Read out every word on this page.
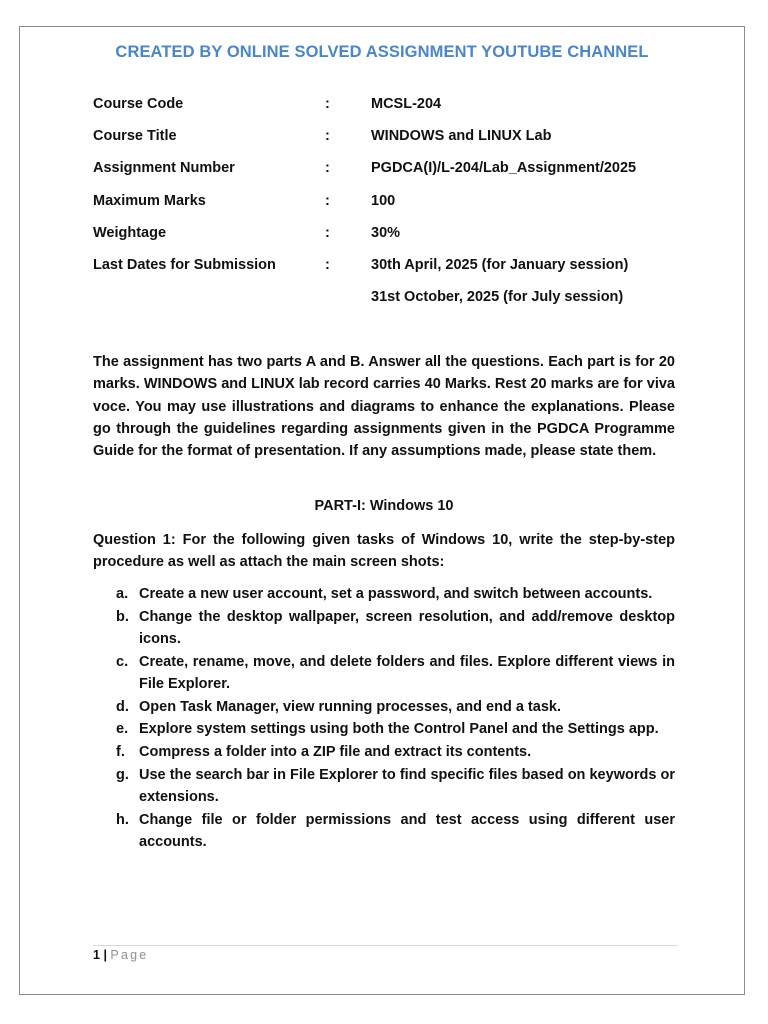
CREATED BY ONLINE SOLVED ASSIGNMENT YOUTUBE CHANNEL
Course Code	:	MCSL-204
Course Title	:	WINDOWS and LINUX Lab
Assignment Number	:	PGDCA(I)/L-204/Lab_Assignment/2025
Maximum Marks	:	100
Weightage	:	30%
Last Dates for Submission	:	30th April, 2025 (for January session)
31st October, 2025 (for July session)
The assignment has two parts A and B. Answer all the questions. Each part is for 20 marks. WINDOWS and LINUX lab record carries 40 Marks. Rest 20 marks are for viva voce. You may use illustrations and diagrams to enhance the explanations. Please go through the guidelines regarding assignments given in the PGDCA Programme Guide for the format of presentation. If any assumptions made, please state them.
PART-I: Windows 10
Question 1: For the following given tasks of Windows 10, write the step-by-step procedure as well as attach the main screen shots:
a. Create a new user account, set a password, and switch between accounts.
b. Change the desktop wallpaper, screen resolution, and add/remove desktop icons.
c. Create, rename, move, and delete folders and files. Explore different views in File Explorer.
d. Open Task Manager, view running processes, and end a task.
e. Explore system settings using both the Control Panel and the Settings app.
f. Compress a folder into a ZIP file and extract its contents.
g. Use the search bar in File Explorer to find specific files based on keywords or extensions.
h. Change file or folder permissions and test access using different user accounts.
1 | Page
